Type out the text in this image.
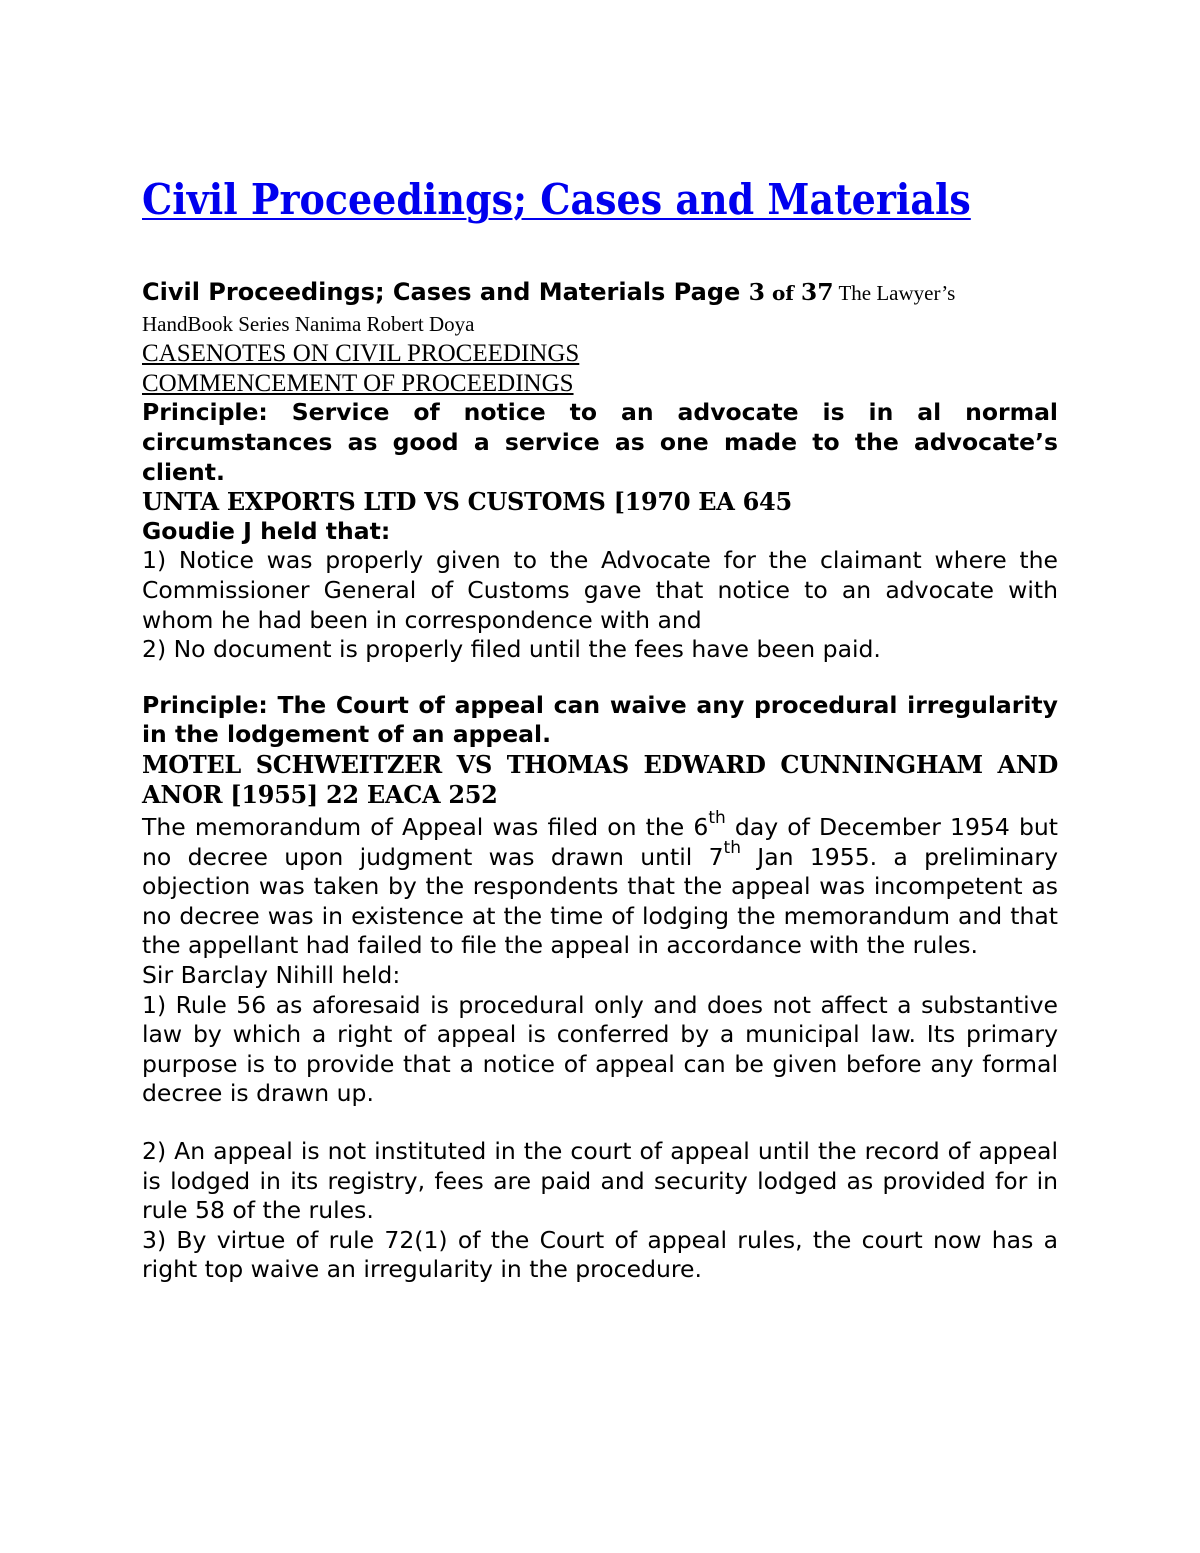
Civil Proceedings; Cases and Materials

Civil Proceedings; Cases and Materials Page 3 of 37 The Lawyer’s
HandBook Series Nanima Robert Doya

CASENOTES ON CIVIL PROCEEDINGS

COMMENCEMENT OF PROCEEDINGS

Principle: Service of notice to an advocate is in al normal circumstances as good a service as one made to the advocate’s client.

UNTA EXPORTS LTD VS CUSTOMS [1970 EA 645

Goudie J held that:

1) Notice was properly given to the Advocate for the claimant where the Commissioner General of Customs gave that notice to an advocate with whom he had been in correspondence with and

2) No document is properly filed until the fees have been paid.

Principle: The Court of appeal can waive any procedural irregularity in the lodgement of an appeal.

MOTEL SCHWEITZER VS THOMAS EDWARD CUNNINGHAM AND ANOR [1955] 22 EACA 252

The memorandum of Appeal was filed on the 6th day of December 1954 but no decree upon judgment was drawn until 7th Jan 1955. a preliminary objection was taken by the respondents that the appeal was incompetent as no decree was in existence at the time of lodging the memorandum and that the appellant had failed to file the appeal in accordance with the rules.

Sir Barclay Nihill held:

1) Rule 56 as aforesaid is procedural only and does not affect a substantive law by which a right of appeal is conferred by a municipal law. Its primary purpose is to provide that a notice of appeal can be given before any formal decree is drawn up.

2) An appeal is not instituted in the court of appeal until the record of appeal is lodged in its registry, fees are paid and security lodged as provided for in rule 58 of the rules.

3) By virtue of rule 72(1) of the Court of appeal rules, the court now has a right top waive an irregularity in the procedure.
